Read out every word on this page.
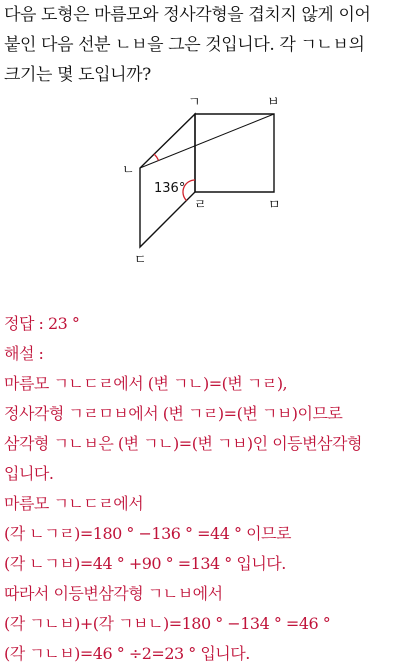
다음 도형은 마름모와 정사각형을 겹치지 않게 이어
붙인 다음 선분 ㄴㅂ을 그은 것입니다. 각 ㄱㄴㅂ의
크기는 몇 도입니까?
ㄱ	ㅂ
ㄴ
ㄹ	ㅁ
ㄷ
136°
정답 : 23 °
해설 :
마름모 ㄱㄴㄷㄹ에서 (변 ㄱㄴ)=(변 ㄱㄹ),
정사각형 ㄱㄹㅁㅂ에서 (변 ㄱㄹ)=(변 ㄱㅂ)이므로
삼각형 ㄱㄴㅂ은 (변 ㄱㄴ)=(변 ㄱㅂ)인 이등변삼각형
입니다.
마름모 ㄱㄴㄷㄹ에서
(각 ㄴㄱㄹ)=180 ° −136 ° =44 ° 이므로
(각 ㄴㄱㅂ)=44 ° +90 ° =134 ° 입니다.
따라서 이등변삼각형 ㄱㄴㅂ에서
(각 ㄱㄴㅂ)+(각 ㄱㅂㄴ)=180 ° −134 ° =46 °
(각 ㄱㄴㅂ)=46 ° ÷2=23 ° 입니다.
